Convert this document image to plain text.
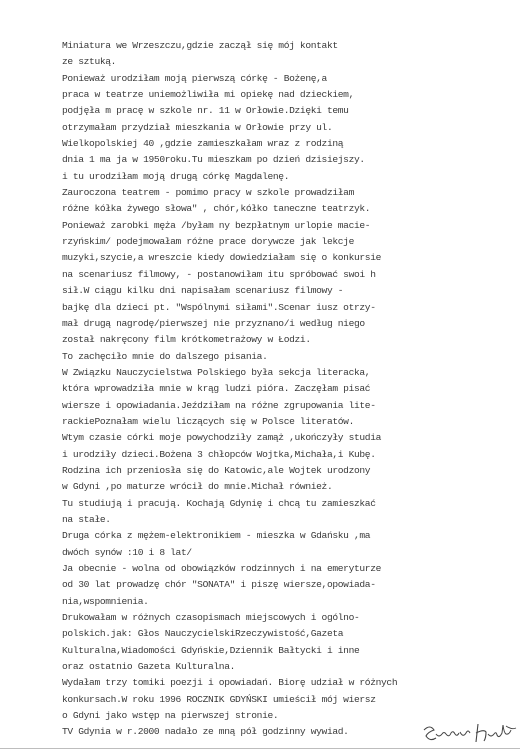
Miniatura we Wrzeszczu,gdzie zaczął się mój kontakt
ze sztuką.
Ponieważ urodziłam moją pierwszą córkę - Bożenę,a
praca w teatrze uniemożliwiła mi opiekę nad dzieckiem,
podjęła m pracę w szkole nr. 11 w Orłowie.Dzięki temu
otrzymałam przydział mieszkania w Orłowie przy ul.
Wielkopolskiej 40 ,gdzie zamieszkałam wraz z rodziną
dnia 1 ma ja w 1950roku.Tu mieszkam po dzień dzisiejszy.
i tu urodziłam moją drugą córkę Magdalenę.
Zauroczona teatrem - pomimo pracy w szkole prowadziłam
różne kółka żywego słowa" , chór,kółko taneczne teatrzyk.
Ponieważ zarobki męża /byłam ny bezpłatnym urlopie macie-
rzyńskim/ podejmowałam różne prace dorywcze jak lekcje
muzyki,szycie,a wreszcie kiedy dowiedziałam się o konkursie
na scenariusz filmowy, - postanowiłam itu spróbować swoi h
sił.W ciągu kilku dni napisałam scenariusz filmowy -
bajkę dla dzieci pt. "Wspólnymi siłami".Scenar iusz otrzy-
mał drugą nagrodę/pierwszej nie przyznano/i według niego
został nakręcony film krótkometrażowy w Łodzi.
To zachęciło mnie do dalszego pisania.
W Związku Nauczycielstwa Polskiego była sekcja literacka,
która wprowadziła mnie w krąg ludzi pióra. Zaczęłam pisać
wiersze i opowiadania.Jeździłam na różne zgrupowania lite-
rackiePoznałam wielu liczących się w Polsce literatów.
Wtym czasie córki moje powychodziły zamąż ,ukończyły studia
i urodziły dzieci.Bożena 3 chłopców Wojtka,Michała,i Kubę.
Rodzina ich przeniosła się do Katowic,ale Wojtek urodzony
w Gdyni ,po maturze wrócił do mnie.Michał również.
Tu studiują i pracują. Kochają Gdynię i chcą tu zamieszkać
na stałe.
Druga córka z mężem-elektronikiem - mieszka w Gdańsku ,ma
dwóch synów :10 i 8 lat/
Ja obecnie - wolna od obowiązków rodzinnych i na emeryturze
od 30 lat prowadzę chór "SONATA" i piszę wiersze,opowiada-
nia,wspomnienia.
Drukowałam w różnych czasopismach miejscowych i ogólno-
polskich.jak: Głos NauczycielskiRzeczywistość,Gazeta
Kulturalna,Wiadomości Gdyńskie,Dziennik Bałtycki i inne
oraz ostatnio Gazeta Kulturalna.
Wydałam trzy tomiki poezji i opowiadań. Biorę udział w różnych
konkursach.W roku 1996 ROCZNIK GDYŃSKI umieścił mój wiersz
o Gdyni jako wstęp na pierwszej stronie.
TV Gdynia w r.2000 nadało ze mną pół godzinny wywiad.
